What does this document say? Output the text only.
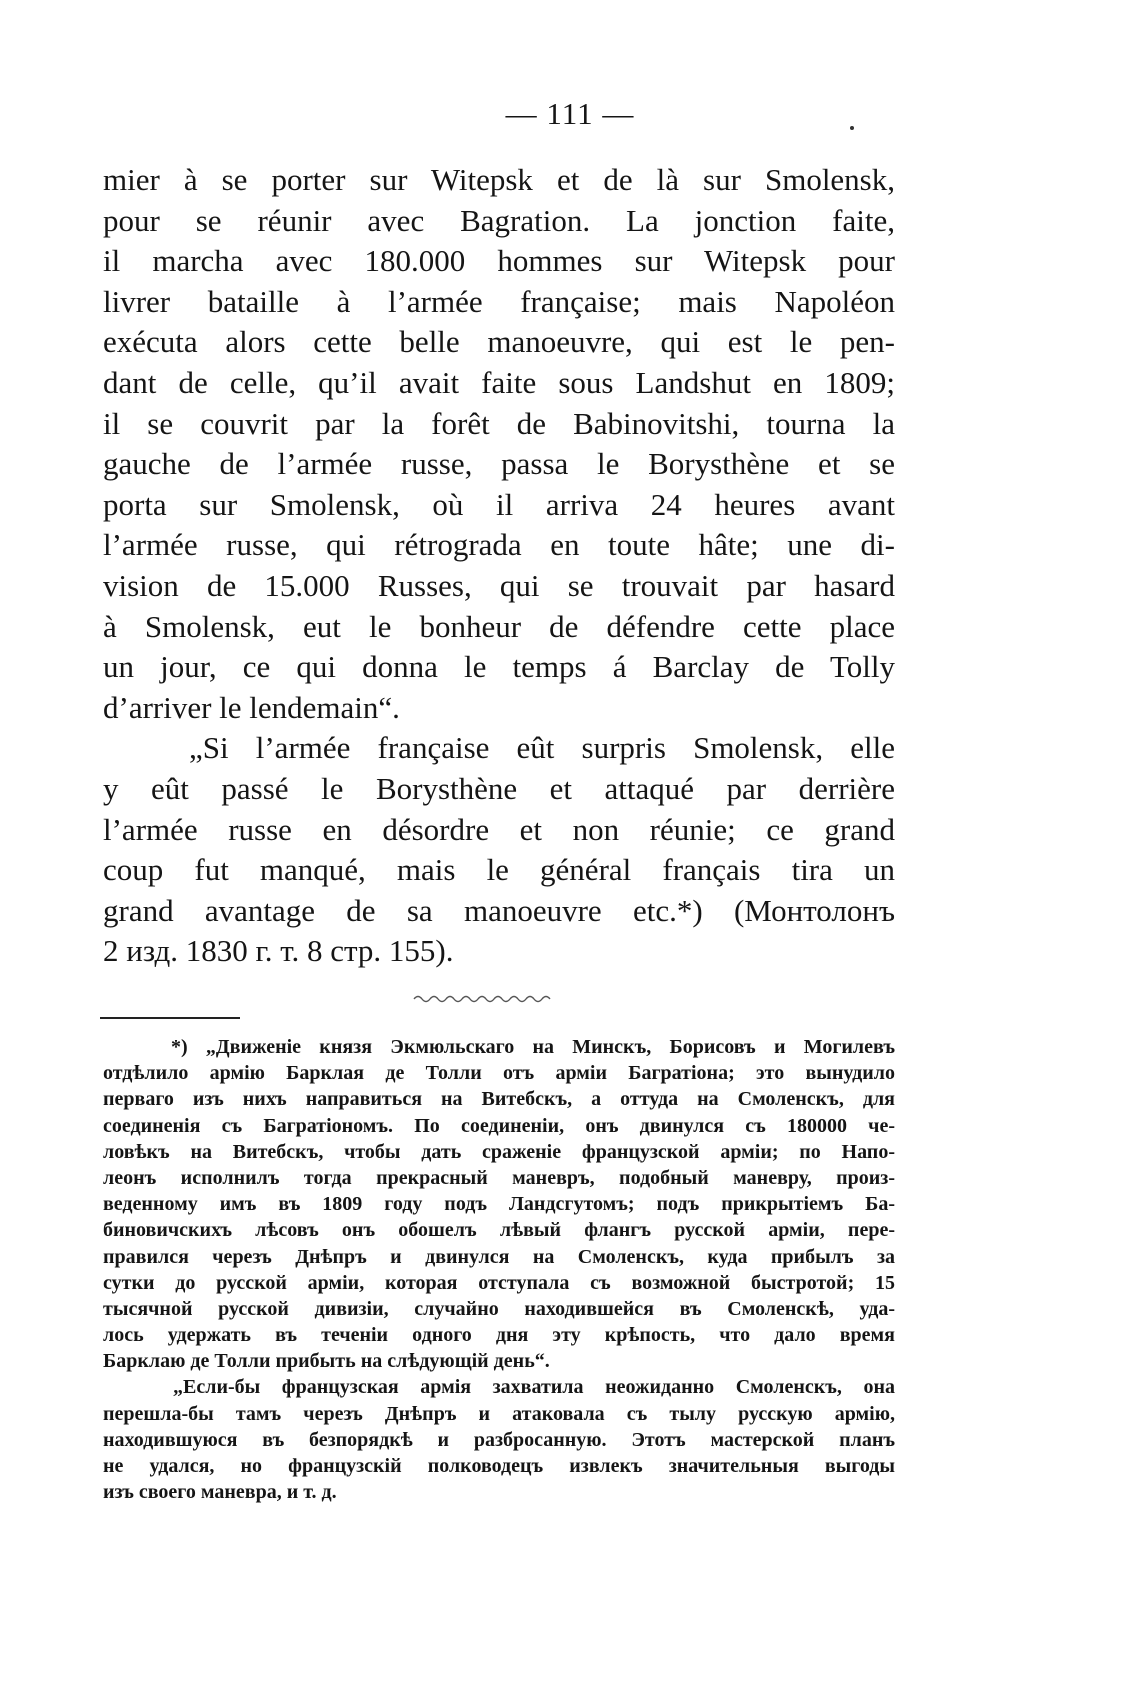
— 111 —
mier à se porter sur Witepsk et de là sur Smolensk,
pour se réunir avec Bagration. La jonction faite,
il marcha avec 180.000 hommes sur Witepsk pour
livrer bataille à l’armée française; mais Napoléon
exécuta alors cette belle manoeuvre, qui est le pen-
dant de celle, qu’il avait faite sous Landshut en 1809;
il se couvrit par la forêt de Babinovitshi, tourna la
gauche de l’armée russe, passa le Borysthène et se
porta sur Smolensk, où il arriva 24 heures avant
l’armée russe, qui rétrograda en toute hâte; une di-
vision de 15.000 Russes, qui se trouvait par hasard
à Smolensk, eut le bonheur de défendre cette place
un jour, ce qui donna le temps á Barclay de Tolly
d’arriver le lendemain“.
„Si l’armée française eût surpris Smolensk, elle
y eût passé le Borysthène et attaqué par derrière
l’armée russe en désordre et non réunie; ce grand
coup fut manqué, mais le général français tira un
grand avantage de sa manoeuvre etc.*) (Монтолонъ
2 изд. 1830 г. т. 8 стр. 155).
*) „Движеніе князя Экмюльскаго на Минскъ, Борисовъ и Могилевъ
отдѣлило армію Барклая де Толли отъ арміи Багратіона; это вынудило
перваго изъ нихъ направиться на Витебскъ, а оттуда на Смоленскъ, для
соединенія съ Багратіономъ. По соединеніи, онъ двинулся съ 180000 че-
ловѣкъ на Витебскъ, чтобы дать сраженіе французской арміи; по Напо-
леонъ исполнилъ тогда прекрасный маневръ, подобный маневру, произ-
веденному имъ въ 1809 году подъ Ландсгутомъ; подъ прикрытіемъ Ба-
биновичскихъ лѣсовъ онъ обошелъ лѣвый флангъ русской арміи, пере-
правился черезъ Днѣпръ и двинулся на Смоленскъ, куда прибылъ за
сутки до русской арміи, которая отступала съ возможной быстротой; 15
тысячной русской дивизіи, случайно находившейся въ Смоленскѣ, уда-
лось удержать въ теченіи одного дня эту крѣпость, что дало время
Барклаю де Толли прибыть на слѣдующій день“.
„Если-бы французская армія захватила неожиданно Смоленскъ, она
перешла-бы тамъ черезъ Днѣпръ и атаковала съ тылу русскую армію,
находившуюся въ безпорядкѣ и разбросанную. Этотъ мастерской планъ
не удался, но французскій полководецъ извлекъ значительныя выгоды
изъ своего маневра, и т. д.
